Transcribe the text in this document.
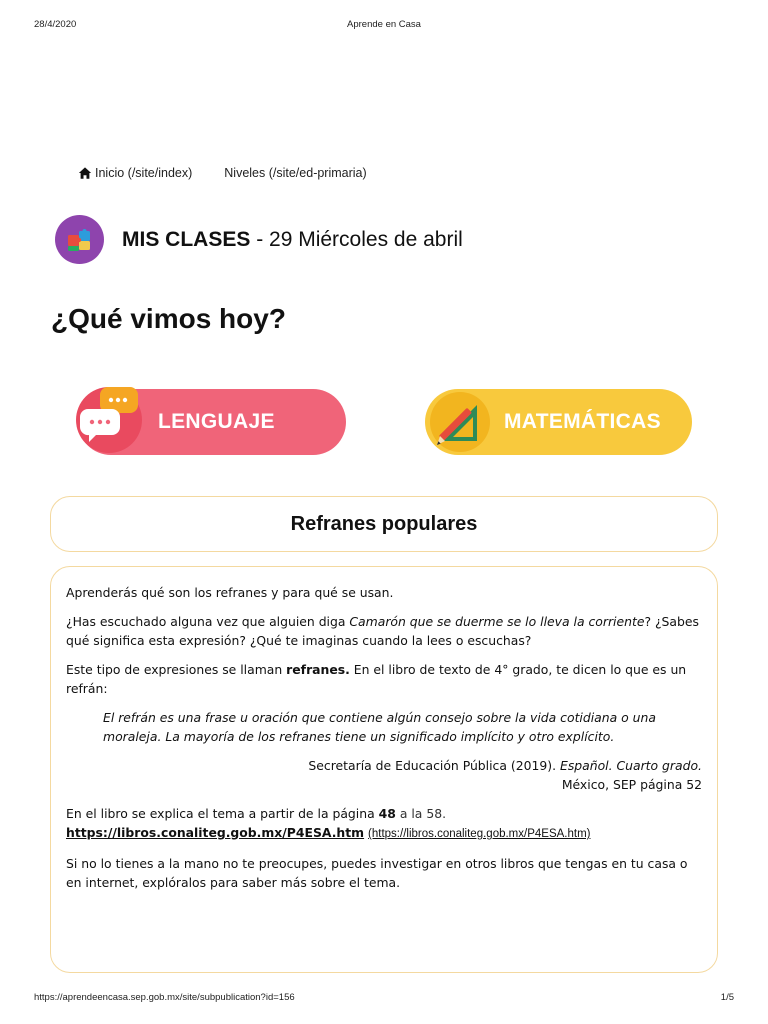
28/4/2020	Aprende en Casa
Inicio (/site/index)	Niveles (/site/ed-primaria)
MIS CLASES - 29 Miércoles de abril
¿Qué vimos hoy?
LENGUAJE	MATEMÁTICAS
Refranes populares

Aprenderás qué son los refranes y para qué se usan.

¿Has escuchado alguna vez que alguien diga Camarón que se duerme se lo lleva la corriente? ¿Sabes qué significa esta expresión? ¿Qué te imaginas cuando la lees o escuchas?

Este tipo de expresiones se llaman refranes. En el libro de texto de 4° grado, te dicen lo que es un refrán:

El refrán es una frase u oración que contiene algún consejo sobre la vida cotidiana o una moraleja. La mayoría de los refranes tiene un significado implícito y otro explícito.

Secretaría de Educación Pública (2019). Español. Cuarto grado.
México, SEP página 52

En el libro se explica el tema a partir de la página 48 a la 58.
https://libros.conaliteg.gob.mx/P4ESA.htm (https://libros.conaliteg.gob.mx/P4ESA.htm)

Si no lo tienes a la mano no te preocupes, puedes investigar en otros libros que tengas en tu casa o en internet, explóralos para saber más sobre el tema.

https://aprendeencasa.sep.gob.mx/site/subpublication?id=156	1/5
